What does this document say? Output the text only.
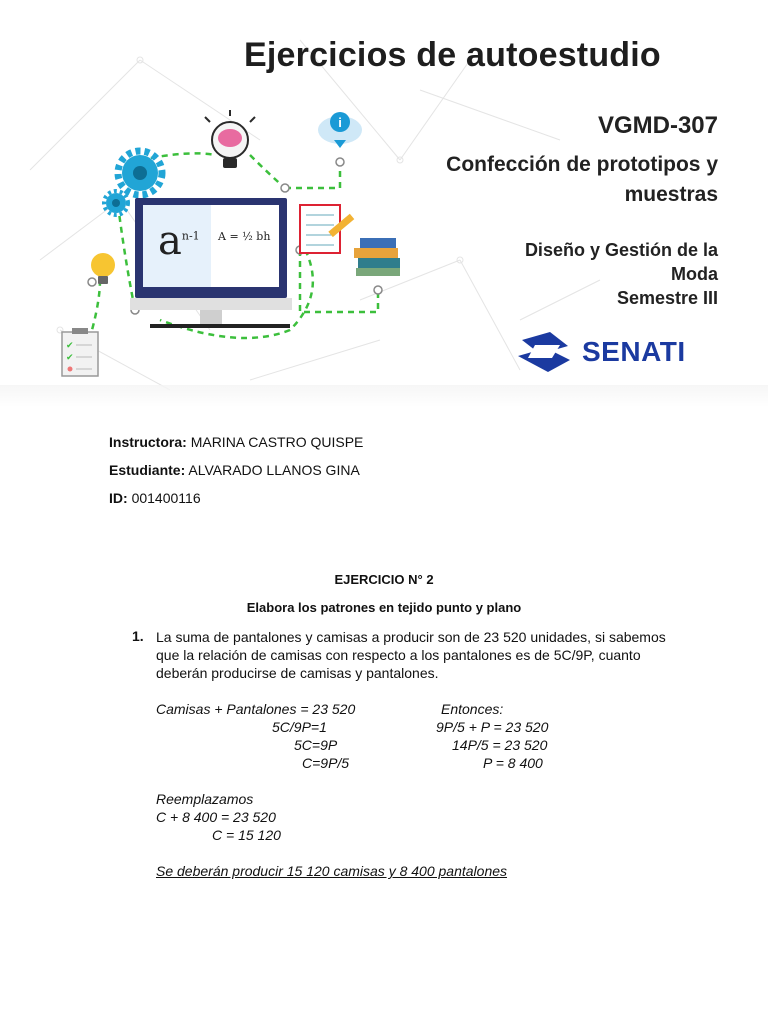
i
✔
✔
$a^{n-1}$ A = ½ bh
Ejercicios de autoestudio
VGMD-307
Confección de prototipos y muestras
Diseño y Gestión de la
Moda
Semestre III
SENATI
Instructora: MARINA CASTRO QUISPE
Estudiante: ALVARADO LLANOS GINA
ID: 001400116
EJERCICIO N° 2
Elabora los patrones en tejido punto y plano
1. La suma de pantalones y camisas a producir son de 23 520 unidades, si sabemos que la relación de camisas con respecto a los pantalones es de 5C/9P, cuanto deberán producirse de camisas y pantalones.
Camisas + Pantalones = 23 520
5C/9P=1
5C=9P
C=9P/5
Entonces:
9P/5 + P = 23 520
14P/5 = 23 520
P = 8 400
Reemplazamos
C + 8 400 = 23 520
C = 15 120
Se deberán producir 15 120 camisas y 8 400 pantalones
